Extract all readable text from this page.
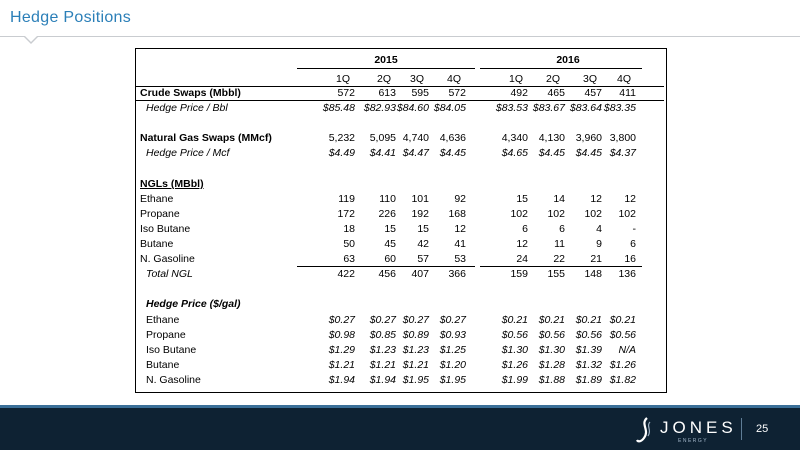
Hedge Positions
2015	2016
1Q	2Q	3Q	4Q	1Q	2Q	3Q	4Q
Crude Swaps (Mbbl)	572	613	595	572	492	465	457	411
Hedge Price / Bbl	$85.48 $82.93 $84.60 $84.05	$83.53 $83.67 $83.64 $83.35
Natural Gas Swaps (MMcf)	5,232	5,095 4,740	4,636	4,340	4,130	3,960 3,800
Hedge Price / Mcf	$4.49	$4.41 $4.47	$4.45	$4.65	$4.45	$4.45 $4.37
NGLs (MBbl)
Ethane	119	110	101	92	15	14	12	12
Propane	172	226	192	168	102	102	102	102
Iso Butane	18	15	15	12	6	6	4	-
Butane	50	45	42	41	12	11	9	6
N. Gasoline	63	60	57	53	24	22	21	16
Total NGL	422	456	407	366	159	155	148	136
Hedge Price ($/gal)
Ethane	$0.27	$0.27 $0.27	$0.27	$0.21	$0.21	$0.21 $0.21
Propane	$0.98	$0.85 $0.89	$0.93	$0.56	$0.56	$0.56 $0.56
Iso Butane	$1.29	$1.23 $1.23	$1.25	$1.30	$1.30	$1.39	N/A
Butane	$1.21	$1.21 $1.21	$1.20	$1.26	$1.28	$1.32 $1.26
N. Gasoline	$1.94	$1.94 $1.95	$1.95	$1.99	$1.88	$1.89 $1.82
JONES
ENERGY
25
